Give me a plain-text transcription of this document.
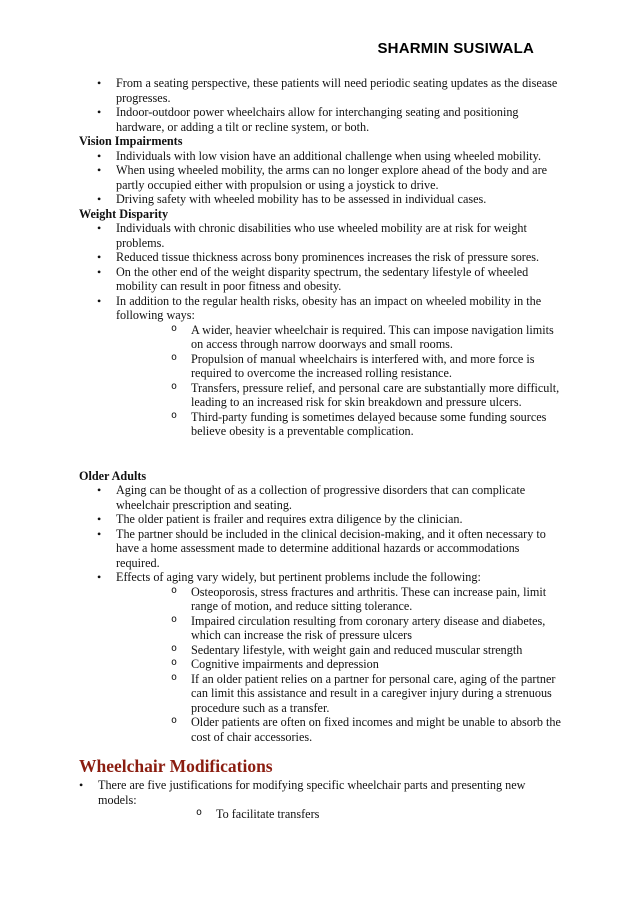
SHARMIN SUSIWALA
• From a seating perspective, these patients will need periodic seating updates as the disease progresses.
• Indoor-outdoor power wheelchairs allow for interchanging seating and positioning hardware, or adding a tilt or recline system, or both.

Vision Impairments

• Individuals with low vision have an additional challenge when using wheeled mobility.
• When using wheeled mobility, the arms can no longer explore ahead of the body and are partly occupied either with propulsion or using a joystick to drive.
• Driving safety with wheeled mobility has to be assessed in individual cases.

Weight Disparity

• Individuals with chronic disabilities who use wheeled mobility are at risk for weight problems.
• Reduced tissue thickness across bony prominences increases the risk of pressure sores.
• On the other end of the weight disparity spectrum, the sedentary lifestyle of wheeled mobility can result in poor fitness and obesity.
• In addition to the regular health risks, obesity has an impact on wheeled mobility in the following ways:
o A wider, heavier wheelchair is required. This can impose navigation limits on access through narrow doorways and small rooms.
o Propulsion of manual wheelchairs is interfered with, and more force is required to overcome the increased rolling resistance.
o Transfers, pressure relief, and personal care are substantially more difficult, leading to an increased risk for skin breakdown and pressure ulcers.
o Third-party funding is sometimes delayed because some funding sources believe obesity is a preventable complication.

Older Adults

• Aging can be thought of as a collection of progressive disorders that can complicate wheelchair prescription and seating.
• The older patient is frailer and requires extra diligence by the clinician.
• The partner should be included in the clinical decision-making, and it often necessary to have a home assessment made to determine additional hazards or accommodations required.
• Effects of aging vary widely, but pertinent problems include the following:
o Osteoporosis, stress fractures and arthritis. These can increase pain, limit range of motion, and reduce sitting tolerance.
o Impaired circulation resulting from coronary artery disease and diabetes, which can increase the risk of pressure ulcers
o Sedentary lifestyle, with weight gain and reduced muscular strength
o Cognitive impairments and depression
o If an older patient relies on a partner for personal care, aging of the partner can limit this assistance and result in a caregiver injury during a strenuous procedure such as a transfer.
o Older patients are often on fixed incomes and might be unable to absorb the cost of chair accessories.
Wheelchair Modifications
• There are five justifications for modifying specific wheelchair parts and presenting new models:
o To facilitate transfers
